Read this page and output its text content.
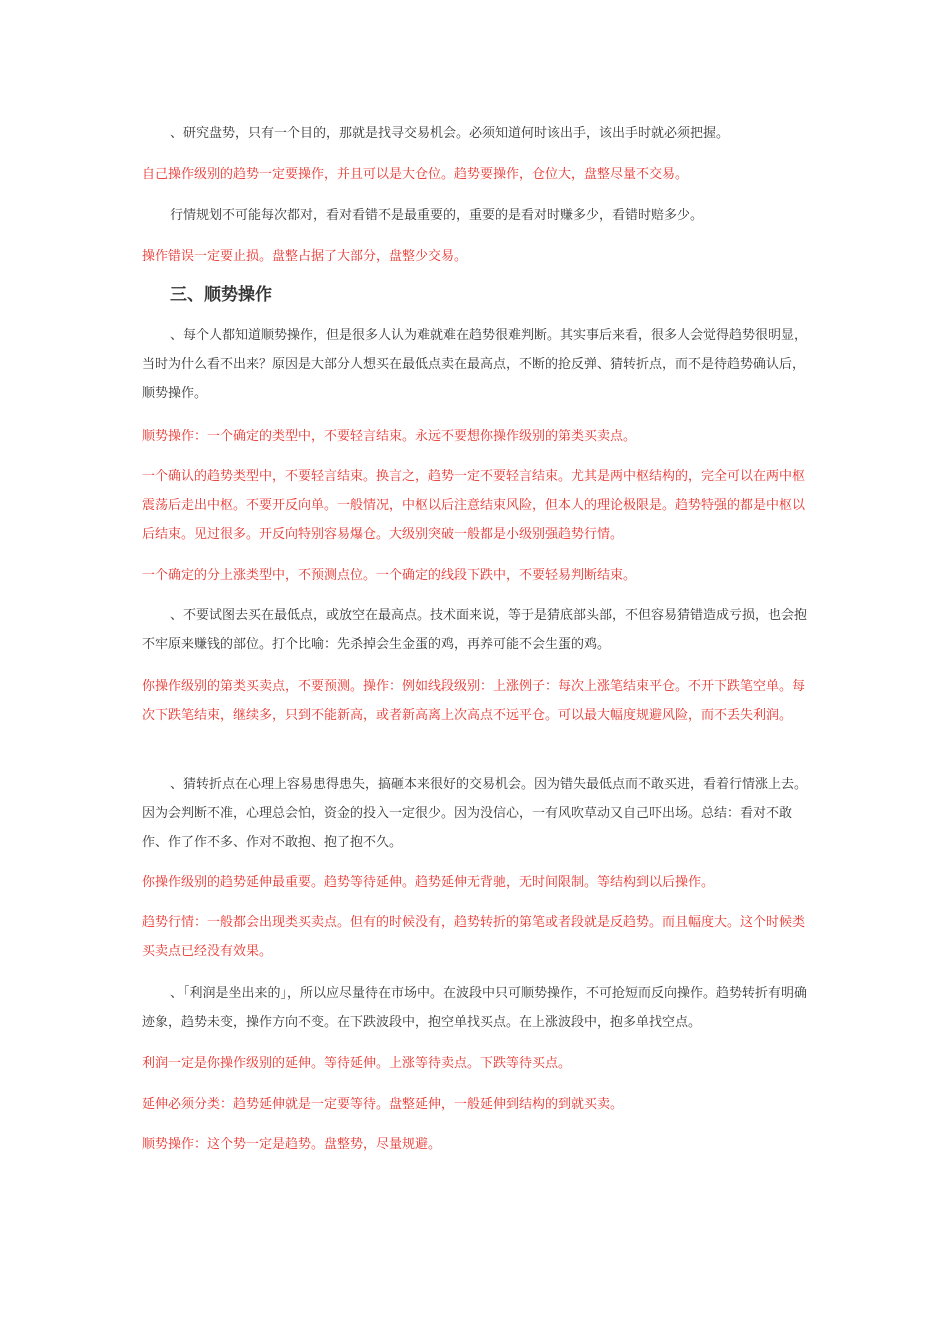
、研究盘势，只有一个目的，那就是找寻交易机会。必须知道何时该出手，该出手时就必须把握。

自己操作级别的趋势一定要操作，并且可以是大仓位。趋势要操作，仓位大，盘整尽量不交易。

行情规划不可能每次都对，看对看错不是最重要的，重要的是看对时赚多少，看错时赔多少。

操作错误一定要止损。盘整占据了大部分，盘整少交易。

三、顺势操作

、每个人都知道顺势操作，但是很多人认为难就难在趋势很难判断。其实事后来看，很多人会觉得趋势很明显，当时为什么看不出来？原因是大部分人想买在最低点卖在最高点，不断的抢反弹、猜转折点，而不是待趋势确认后，顺势操作。

顺势操作：一个确定的类型中，不要轻言结束。永远不要想你操作级别的第类买卖点。

一个确认的趋势类型中，不要轻言结束。换言之，趋势一定不要轻言结束。尤其是两中枢结构的，完全可以在两中枢震荡后走出中枢。不要开反向单。一般情况，中枢以后注意结束风险，但本人的理论极限是。趋势特强的都是中枢以后结束。见过很多。开反向特别容易爆仓。大级别突破一般都是小级别强趋势行情。

一个确定的分上涨类型中，不预测点位。一个确定的线段下跌中，不要轻易判断结束。

、不要试图去买在最低点，或放空在最高点。技术面来说，等于是猜底部头部，不但容易猜错造成亏损，也会抱不牢原来赚钱的部位。打个比喻：先杀掉会生金蛋的鸡，再养可能不会生蛋的鸡。

你操作级别的第类买卖点，不要预测。操作：例如线段级别：上涨例子：每次上涨笔结束平仓。不开下跌笔空单。每次下跌笔结束，继续多，只到不能新高，或者新高离上次高点不远平仓。可以最大幅度规避风险，而不丢失利润。

、猜转折点在心理上容易患得患失，搞砸本来很好的交易机会。因为错失最低点而不敢买进，看着行情涨上去。因为会判断不准，心理总会怕，资金的投入一定很少。因为没信心，一有风吹草动又自己吓出场。总结：看对不敢作、作了作不多、作对不敢抱、抱了抱不久。

你操作级别的趋势延伸最重要。趋势等待延伸。趋势延伸无背驰，无时间限制。等结构到以后操作。

趋势行情：一般都会出现类买卖点。但有的时候没有，趋势转折的第笔或者段就是反趋势。而且幅度大。这个时候类买卖点已经没有效果。

、「利润是坐出来的」，所以应尽量待在市场中。在波段中只可顺势操作，不可抢短而反向操作。趋势转折有明确迹象，趋势未变，操作方向不变。在下跌波段中，抱空单找买点。在上涨波段中，抱多单找空点。

利润一定是你操作级别的延伸。等待延伸。上涨等待卖点。下跌等待买点。

延伸必须分类：趋势延伸就是一定要等待。盘整延伸，一般延伸到结构的到就买卖。

顺势操作：这个势一定是趋势。盘整势，尽量规避。
